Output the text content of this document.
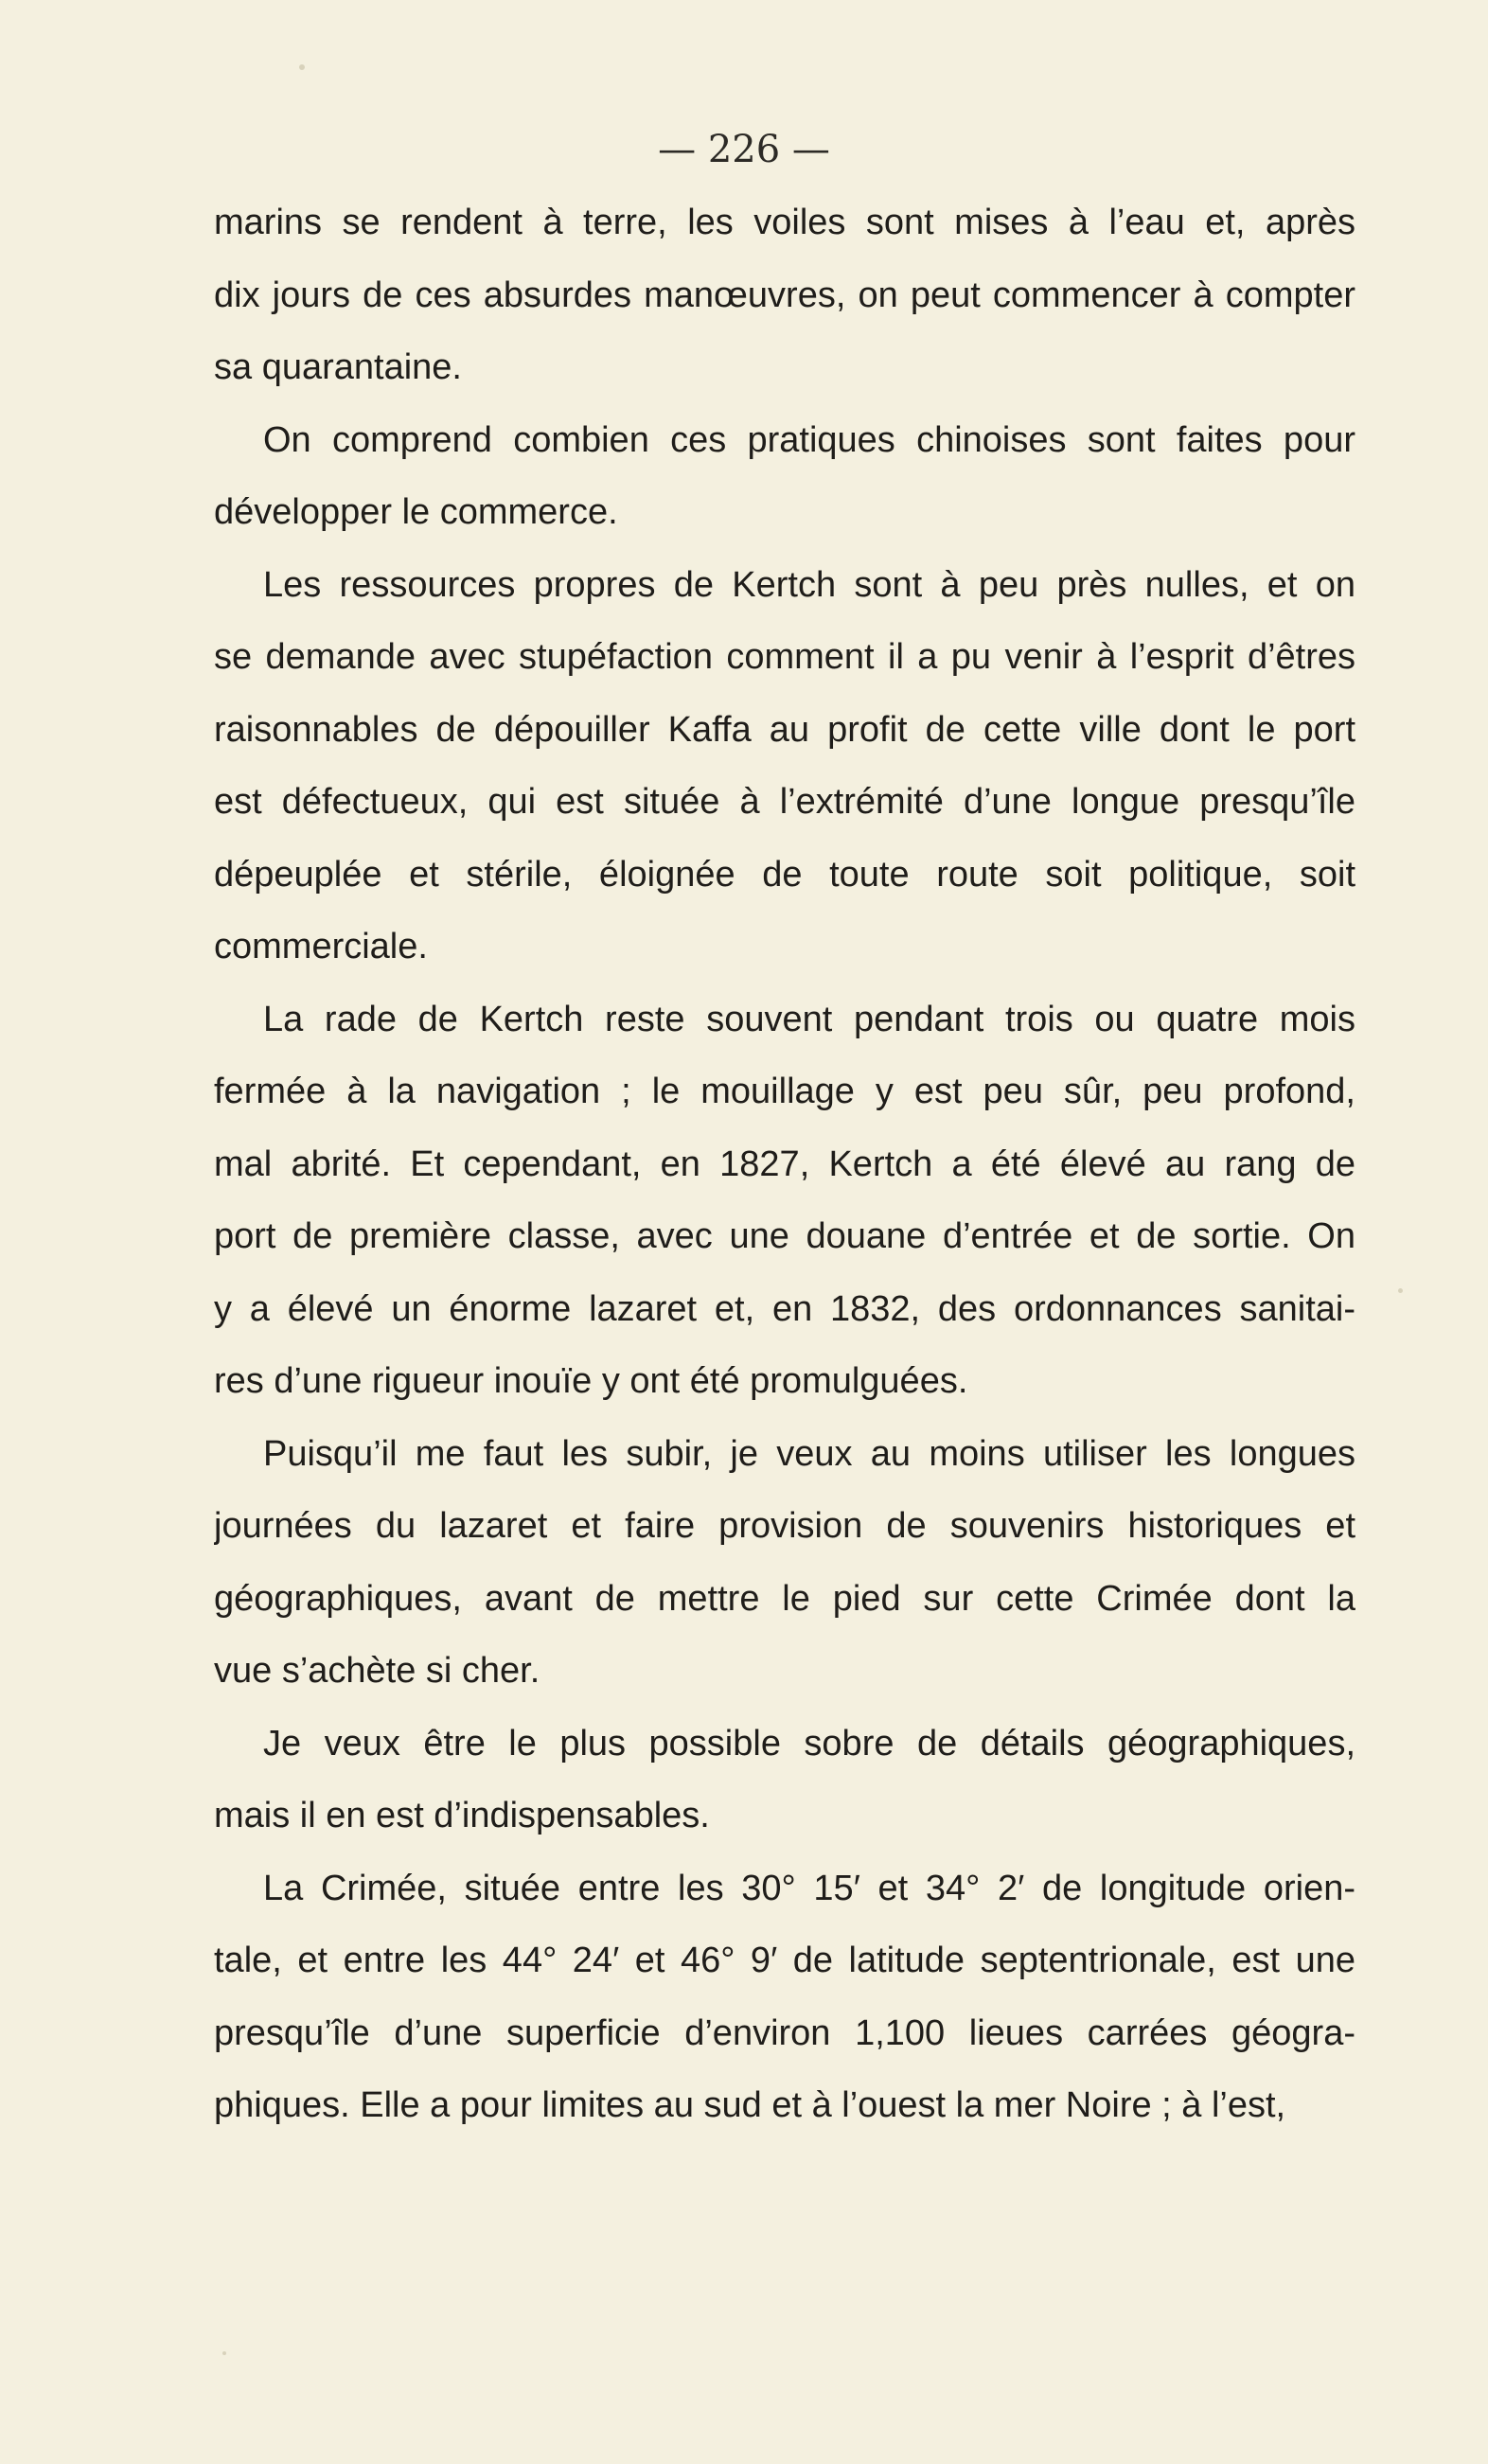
— 226 —
marins se rendent à terre, les voiles sont mises à l’eau et, après
dix jours de ces absurdes manœuvres, on peut commencer à compter
sa quarantaine.
On comprend combien ces pratiques chinoises sont faites pour
développer le commerce.
Les ressources propres de Kertch sont à peu près nulles, et on
se demande avec stupéfaction comment il a pu venir à l’esprit d’êtres
raisonnables de dépouiller Kaffa au profit de cette ville dont le port
est défectueux, qui est située à l’extrémité d’une longue presqu’île
dépeuplée et stérile, éloignée de toute route soit politique, soit
commerciale.
La rade de Kertch reste souvent pendant trois ou quatre mois
fermée à la navigation ; le mouillage y est peu sûr, peu profond,
mal abrité. Et cependant, en 1827, Kertch a été élevé au rang de
port de première classe, avec une douane d’entrée et de sortie. On
y a élevé un énorme lazaret et, en 1832, des ordonnances sanitai-
res d’une rigueur inouïe y ont été promulguées.
Puisqu’il me faut les subir, je veux au moins utiliser les longues
journées du lazaret et faire provision de souvenirs historiques et
géographiques, avant de mettre le pied sur cette Crimée dont la
vue s’achète si cher.
Je veux être le plus possible sobre de détails géographiques,
mais il en est d’indispensables.
La Crimée, située entre les 30° 15′ et 34° 2′ de longitude orien-
tale, et entre les 44° 24′ et 46° 9′ de latitude septentrionale, est une
presqu’île d’une superficie d’environ 1,100 lieues carrées géogra-
phiques. Elle a pour limites au sud et à l’ouest la mer Noire ; à l’est,
